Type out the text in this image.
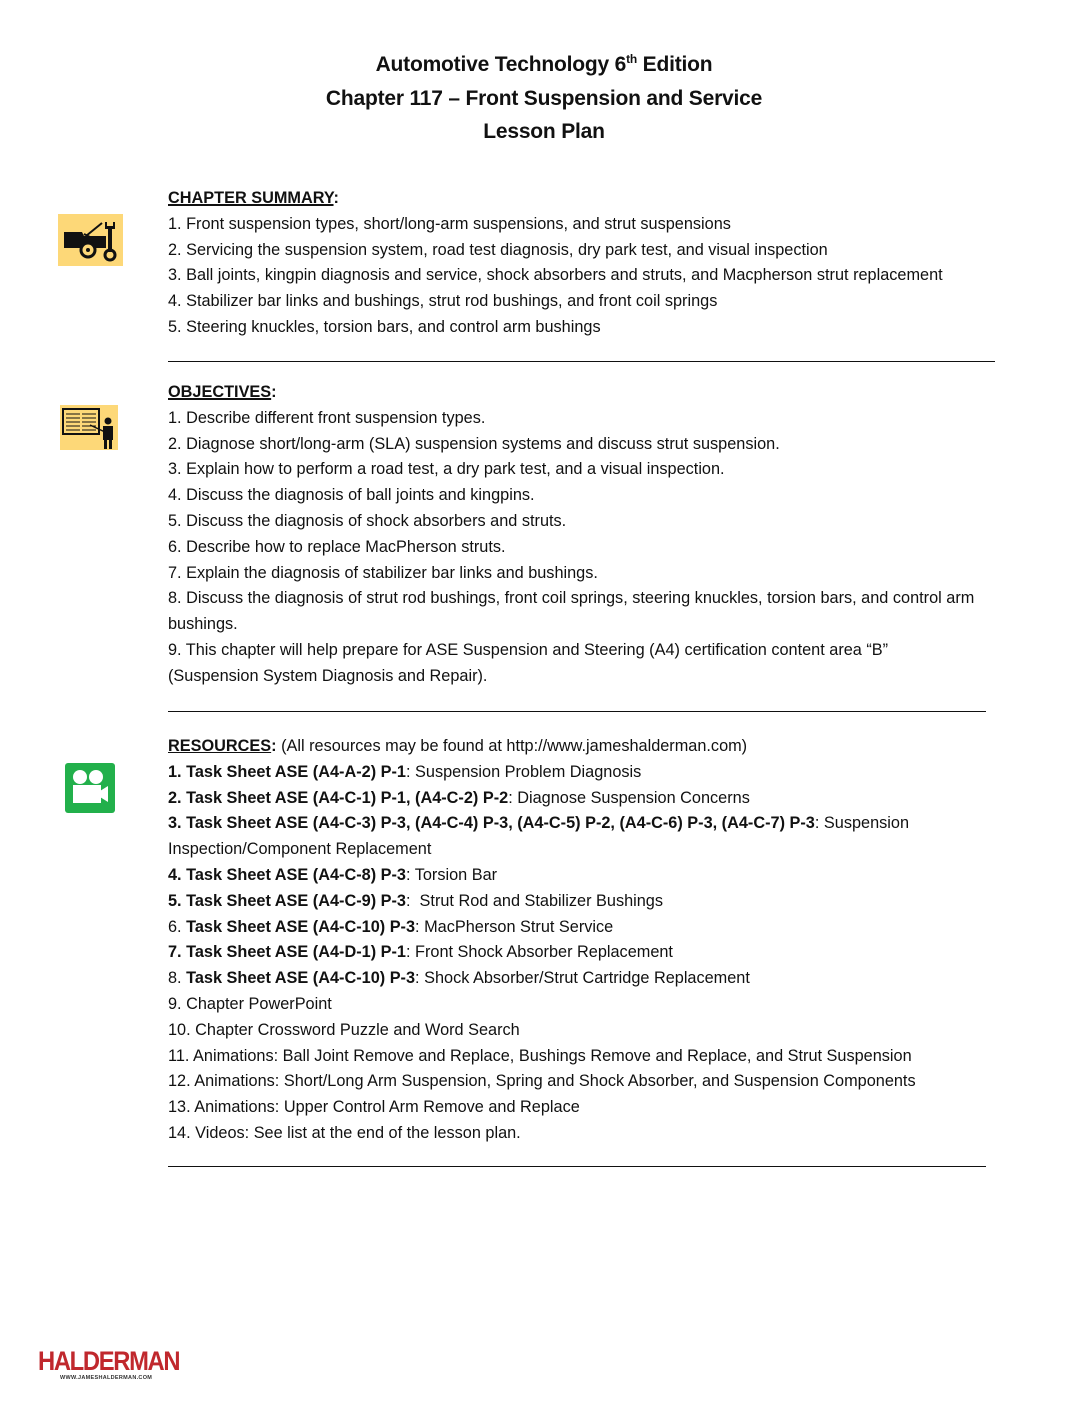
Automotive Technology 6th Edition
Chapter 117 – Front Suspension and Service
Lesson Plan
CHAPTER SUMMARY:
1. Front suspension types, short/long-arm suspensions, and strut suspensions
2. Servicing the suspension system, road test diagnosis, dry park test, and visual inspection
3. Ball joints, kingpin diagnosis and service, shock absorbers and struts, and Macpherson strut replacement
4. Stabilizer bar links and bushings, strut rod bushings, and front coil springs
5. Steering knuckles, torsion bars, and control arm bushings
OBJECTIVES:
1. Describe different front suspension types.
2. Diagnose short/long-arm (SLA) suspension systems and discuss strut suspension.
3. Explain how to perform a road test, a dry park test, and a visual inspection.
4. Discuss the diagnosis of ball joints and kingpins.
5. Discuss the diagnosis of shock absorbers and struts.
6. Describe how to replace MacPherson struts.
7. Explain the diagnosis of stabilizer bar links and bushings.
8. Discuss the diagnosis of strut rod bushings, front coil springs, steering knuckles, torsion bars, and control arm bushings.
9. This chapter will help prepare for ASE Suspension and Steering (A4) certification content area “B” (Suspension System Diagnosis and Repair).
RESOURCES: (All resources may be found at http://www.jameshalderman.com)
1. Task Sheet ASE (A4-A-2) P-1: Suspension Problem Diagnosis
2. Task Sheet ASE (A4-C-1) P-1, (A4-C-2) P-2: Diagnose Suspension Concerns
3. Task Sheet ASE (A4-C-3) P-3, (A4-C-4) P-3, (A4-C-5) P-2, (A4-C-6) P-3, (A4-C-7) P-3: Suspension Inspection/Component Replacement
4. Task Sheet ASE (A4-C-8) P-3: Torsion Bar
5. Task Sheet ASE (A4-C-9) P-3:  Strut Rod and Stabilizer Bushings
6. Task Sheet ASE (A4-C-10) P-3: MacPherson Strut Service
7. Task Sheet ASE (A4-D-1) P-1: Front Shock Absorber Replacement
8. Task Sheet ASE (A4-C-10) P-3: Shock Absorber/Strut Cartridge Replacement
9. Chapter PowerPoint
10. Chapter Crossword Puzzle and Word Search
11. Animations: Ball Joint Remove and Replace, Bushings Remove and Replace, and Strut Suspension
12. Animations: Short/Long Arm Suspension, Spring and Shock Absorber, and Suspension Components
13. Animations: Upper Control Arm Remove and Replace
14. Videos: See list at the end of the lesson plan.
HALDERMAN
WWW.JAMESHALDERMAN.COM
